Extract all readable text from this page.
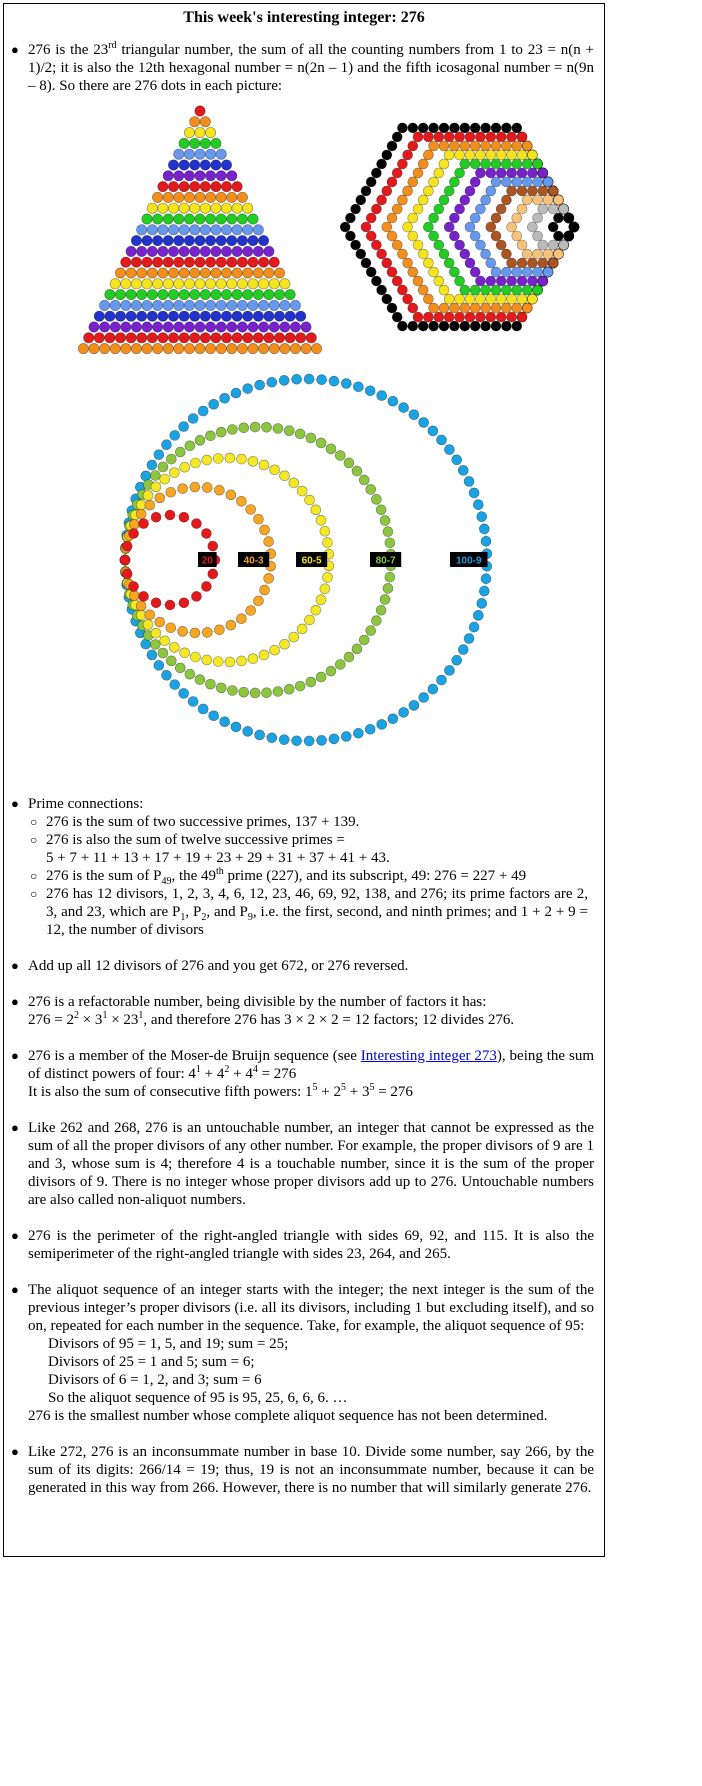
This week's interesting integer: 276
● 276 is the 23rd triangular number, the sum of all the counting numbers from 1 to 23 = n(n + 1)/2; it is also the 12th hexagonal number = n(2n – 1) and the fifth icosagonal number = n(9n – 8). So there are 276 dots in each picture:
20	40-3	60-5	80-7	100-9
● Prime connections:
○ 276 is the sum of two successive primes, 137 + 139.
○ 276 is also the sum of twelve successive primes =
5 + 7 + 11 + 13 + 17 + 19 + 23 + 29 + 31 + 37 + 41 + 43.
○ 276 is the sum of $P_{49}$, the 49th prime (227), and its subscript, 49: 276 = 227 + 49
○ 276 has 12 divisors, 1, 2, 3, 4, 6, 12, 23, 46, 69, 92, 138, and 276; its prime factors are 2, 3, and 23, which are $P_1$, $P_2$, and $P_9$, i.e. the first, second, and ninth primes; and 1 + 2 + 9 = 12, the number of divisors
● Add up all 12 divisors of 276 and you get 672, or 276 reversed.
● 276 is a refactorable number, being divisible by the number of factors it has:
$276 = 2^2 \times 3^1 \times 23^1$, and therefore 276 has 3 × 2 × 2 = 12 factors; 12 divides 276.
● 276 is a member of the Moser-de Bruijn sequence (see Interesting integer 273), being the sum of distinct powers of four: $4^1 + 4^2 + 4^4 = 276$
It is also the sum of consecutive fifth powers: $1^5 + 2^5 + 3^5 = 276$
● Like 262 and 268, 276 is an untouchable number, an integer that cannot be expressed as the sum of all the proper divisors of any other number. For example, the proper divisors of 9 are 1 and 3, whose sum is 4; therefore 4 is a touchable number, since it is the sum of the proper divisors of 9. There is no integer whose proper divisors add up to 276. Untouchable numbers are also called non-aliquot numbers.
● 276 is the perimeter of the right-angled triangle with sides 69, 92, and 115. It is also the semiperimeter of the right-angled triangle with sides 23, 264, and 265.
● The aliquot sequence of an integer starts with the integer; the next integer is the sum of the previous integer’s proper divisors (i.e. all its divisors, including 1 but excluding itself), and so on, repeated for each number in the sequence. Take, for example, the aliquot sequence of 95:
Divisors of 95 = 1, 5, and 19; sum = 25;
Divisors of 25 = 1 and 5; sum = 6;
Divisors of 6 = 1, 2, and 3; sum = 6
So the aliquot sequence of 95 is 95, 25, 6, 6, 6. …
276 is the smallest number whose complete aliquot sequence has not been determined.
● Like 272, 276 is an inconsummate number in base 10. Divide some number, say 266, by the sum of its digits: 266/14 = 19; thus, 19 is not an inconsummate number, because it can be generated in this way from 266. However, there is no number that will similarly generate 276.
